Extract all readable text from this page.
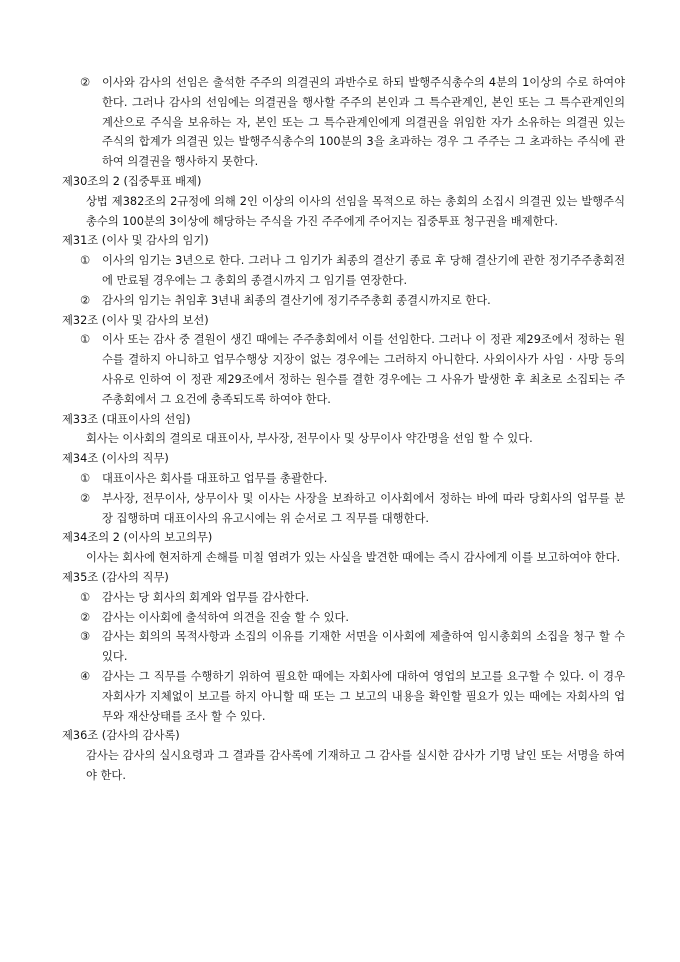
②	이사와 감사의 선임은 출석한 주주의 의결권의 과반수로 하되 발행주식총수의 4분의 1이상의 수로 하여야 한다. 그러나 감사의 선임에는 의결권을 행사할 주주의 본인과 그 특수관계인, 본인 또는 그 특수관계인의 계산으로 주식을 보유하는 자, 본인 또는 그 특수관계인에게 의결권을 위임한 자가 소유하는 의결권 있는 주식의 합계가 의결권 있는 발행주식총수의 100분의 3을 초과하는 경우 그 주주는 그 초과하는 주식에 관하여 의결권을 행사하지 못한다.
제30조의 2 (집중투표 배제)
상법 제382조의 2규정에 의해 2인 이상의 이사의 선임을 목적으로 하는 총회의 소집시 의결권 있는 발행주식총수의 100분의 3이상에 해당하는 주식을 가진 주주에게 주어지는 집중투표 청구권을 배제한다.
제31조 (이사 및 감사의 임기)
①	이사의 임기는 3년으로 한다. 그러나 그 임기가 최종의 결산기 종료 후 당해 결산기에 관한 정기주주총회전에 만료될 경우에는 그 총회의 종결시까지 그 임기를 연장한다.
②	감사의 임기는 취임후 3년내 최종의 결산기에 정기주주총회 종결시까지로 한다.
제32조 (이사 및 감사의 보선)
①	이사 또는 감사 중 결원이 생긴 때에는 주주총회에서 이를 선임한다. 그러나 이 정관 제29조에서 정하는 원수를 결하지 아니하고 업무수행상 지장이 없는 경우에는 그러하지 아니한다. 사외이사가 사임 · 사망 등의 사유로 인하여 이 정관 제29조에서 정하는 원수를 결한 경우에는 그 사유가 발생한 후 최초로 소집되는 주주총회에서 그 요건에 충족되도록 하여야 한다.
제33조 (대표이사의 선임)
회사는 이사회의 결의로 대표이사, 부사장, 전무이사 및 상무이사 약간명을 선임 할 수 있다.
제34조 (이사의 직무)
①	대표이사은 회사를 대표하고 업무를 총괄한다.
②	부사장, 전무이사, 상무이사 및 이사는 사장을 보좌하고 이사회에서 정하는 바에 따라 당회사의 업무를 분장 집행하며 대표이사의 유고시에는 위 순서로 그 직무를 대행한다.
제34조의 2 (이사의 보고의무)
이사는 회사에 현저하게 손해를 미칠 염려가 있는 사실을 발견한 때에는 즉시 감사에게 이를 보고하여야 한다.
제35조 (감사의 직무)
①	감사는 당 회사의 회계와 업무를 감사한다.
②	감사는 이사회에 출석하여 의견을 진술 할 수 있다.
③	감사는 회의의 목적사항과 소집의 이유를 기재한 서면을 이사회에 제출하여 임시총회의 소집을 청구 할 수 있다.
④	감사는 그 직무를 수행하기 위하여 필요한 때에는 자회사에 대하여 영업의 보고를 요구할 수 있다. 이 경우 자회사가 지체없이 보고를 하지 아니할 때 또는 그 보고의 내용을 확인할 필요가 있는 때에는 자회사의 업무와 재산상태를 조사 할 수 있다.
제36조 (감사의 감사록)
감사는 감사의 실시요령과 그 결과를 감사록에 기재하고 그 감사를 실시한 감사가 기명 날인 또는 서명을 하여야 한다.
